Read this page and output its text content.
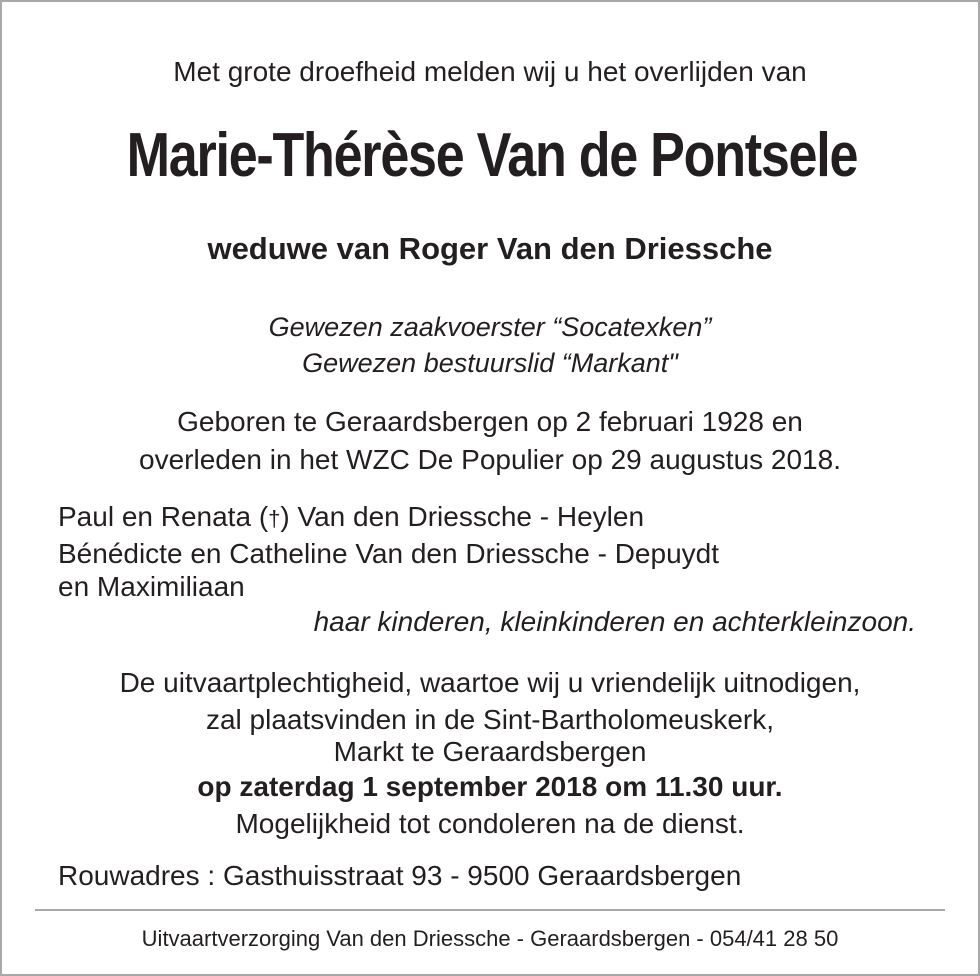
Met grote droefheid melden wij u het overlijden van
Marie-Thérèse Van de Pontsele
weduwe van Roger Van den Driessche
Gewezen zaakvoerster “Socatexken”
Gewezen bestuurslid “Markant"
Geboren te Geraardsbergen op 2 februari 1928 en
overleden in het WZC De Populier op 29 augustus 2018.
Paul en Renata (†) Van den Driessche - Heylen
Bénédicte en Catheline Van den Driessche - Depuydt
en Maximiliaan
haar kinderen, kleinkinderen en achterkleinzoon.
De uitvaartplechtigheid, waartoe wij u vriendelijk uitnodigen,
zal plaatsvinden in de Sint-Bartholomeuskerk,
Markt te Geraardsbergen
op zaterdag 1 september 2018 om 11.30 uur.
Mogelijkheid tot condoleren na de dienst.
Rouwadres : Gasthuisstraat 93 - 9500 Geraardsbergen
Uitvaartverzorging Van den Driessche - Geraardsbergen - 054/41 28 50
